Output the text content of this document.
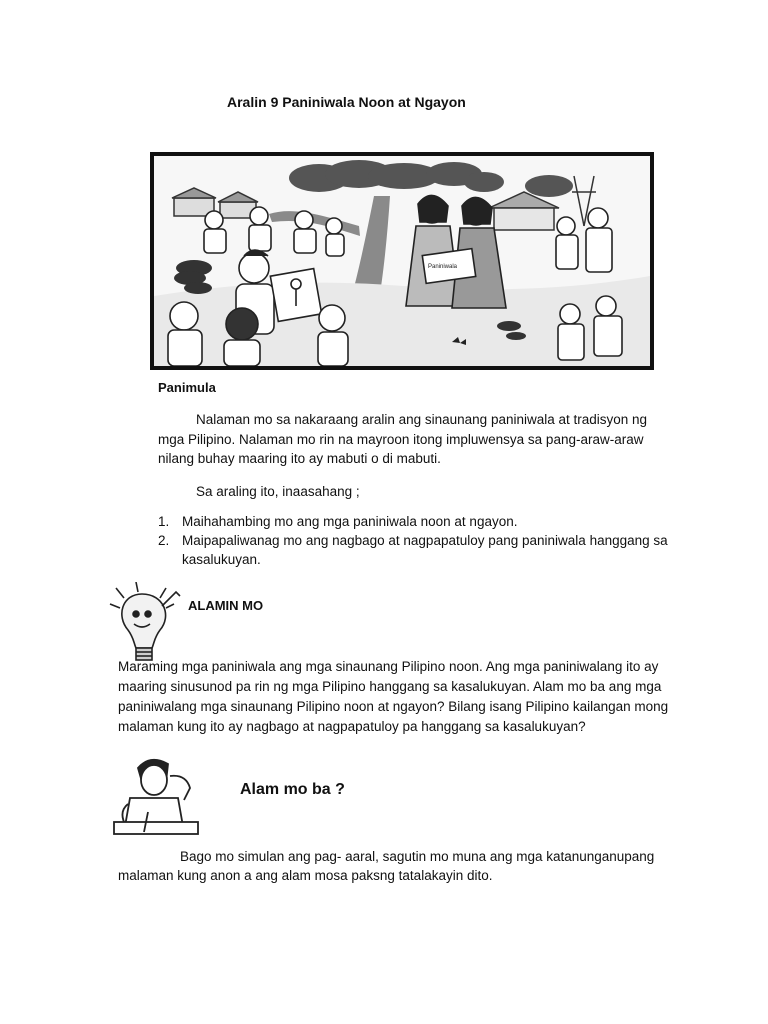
Aralin 9 Paniniwala Noon at Ngayon
Paniniwala
Panimula
Nalaman mo sa nakaraang aralin ang sinaunang paniniwala at tradisyon ng
mga Pilipino. Nalaman mo rin na mayroon itong impluwensya sa pang-araw-araw
nilang buhay maaring ito ay mabuti o di mabuti.
Sa araling ito, inaasahang ;
1. Maihahambing mo ang mga paniniwala noon at ngayon.
2. Maipapaliwanag mo ang nagbago at nagpapatuloy pang paniniwala hanggang sa kasalukuyan.
ALAMIN MO
Maraming mga paniniwala ang mga sinaunang Pilipino noon. Ang mga paniniwalang ito ay
maaring sinusunod pa rin ng mga Pilipino hanggang sa kasalukuyan. Alam mo ba ang mga
paniniwalang mga sinaunang Pilipino noon at ngayon? Bilang isang Pilipino kailangan mong
malaman kung ito ay nagbago at nagpapatuloy pa hanggang sa kasalukuyan?
Alam mo ba ?
Bago mo simulan ang pag- aaral, sagutin mo muna ang mga katanunganupang
malaman kung anon a ang alam mosa paksng tatalakayin dito.
